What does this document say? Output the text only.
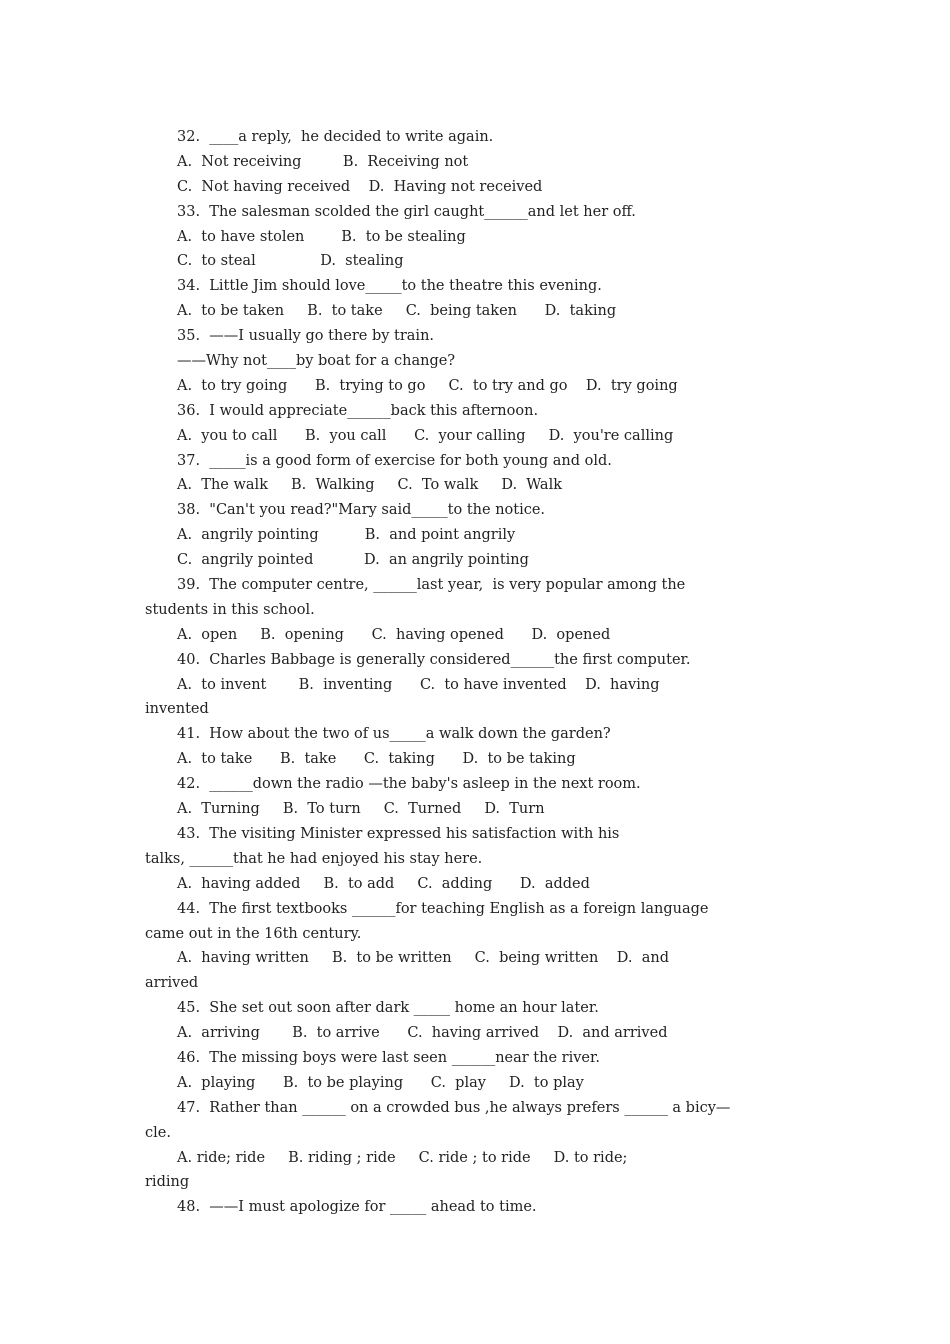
32.  ____a reply,  he decided to write again.

A.  Not receiving         B.  Receiving not

C.  Not having received    D.  Having not received

33.  The salesman scolded the girl caught______and let her off.

A.  to have stolen        B.  to be stealing

C.  to steal              D.  stealing

34.  Little Jim should love_____to the theatre this evening.

A.  to be taken     B.  to take     C.  being taken      D.  taking

35.  ——I usually go there by train.

——Why not____by boat for a change?

A.  to try going      B.  trying to go     C.  to try and go    D.  try going

36.  I would appreciate______back this afternoon.

A.  you to call      B.  you call      C.  your calling     D.  you're calling

37.  _____is a good form of exercise for both young and old.

A.  The walk     B.  Walking     C.  To walk     D.  Walk

38.  "Can't you read?"Mary said_____to the notice.

A.  angrily pointing          B.  and point angrily

C.  angrily pointed           D.  an angrily pointing

39.  The computer centre, ______last year,  is very popular among the

students in this school.

A.  open     B.  opening      C.  having opened      D.  opened

40.  Charles Babbage is generally considered______the first computer.

A.  to invent       B.  inventing      C.  to have invented    D.  having

invented

41.  How about the two of us_____a walk down the garden?

A.  to take      B.  take      C.  taking      D.  to be taking

42.  ______down the radio —the baby's asleep in the next room.

A.  Turning     B.  To turn     C.  Turned     D.  Turn

43.  The visiting Minister expressed his satisfaction with his

talks, ______that he had enjoyed his stay here.

A.  having added     B.  to add     C.  adding      D.  added

44.  The first textbooks ______for teaching English as a foreign language

came out in the 16th century.

A.  having written     B.  to be written     C.  being written    D.  and

arrived

45.  She set out soon after dark _____ home an hour later.

A.  arriving       B.  to arrive      C.  having arrived    D.  and arrived

46.  The missing boys were last seen ______near the river.

A.  playing      B.  to be playing      C.  play     D.  to play

47.  Rather than ______ on a crowded bus ,he always prefers ______ a bicy—

cle.

A. ride; ride     B. riding ; ride     C. ride ; to ride     D. to ride;

riding

48.  ——I must apologize for _____ ahead to time.
